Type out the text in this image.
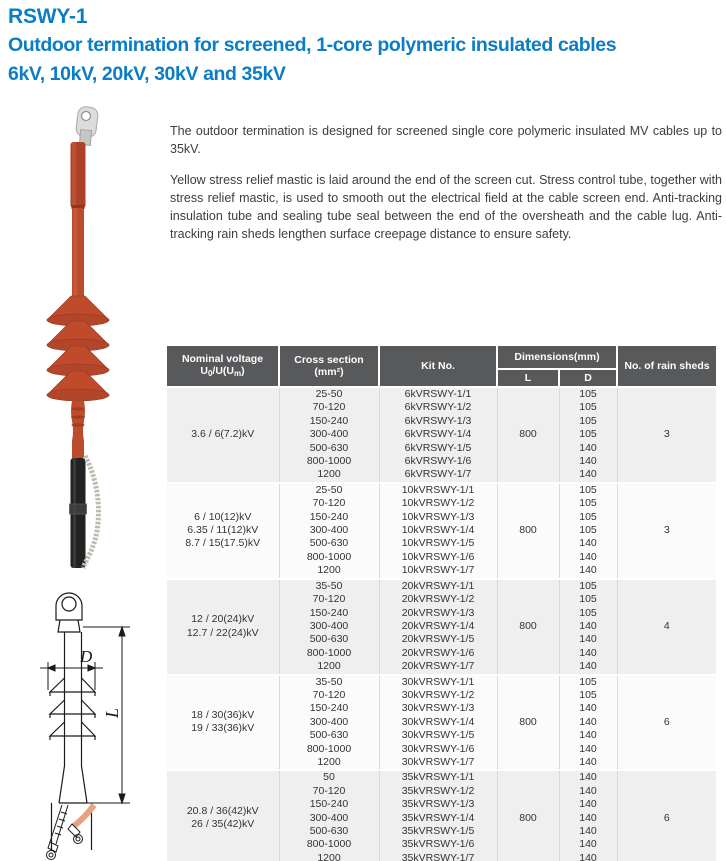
RSWY-1
Outdoor termination for screened, 1-core polymeric insulated cables
6kV, 10kV, 20kV, 30kV and 35kV

The outdoor termination is designed for screened single core polymeric insulated MV cables up to 35kV.

Yellow stress relief mastic is laid around the end of the screen cut. Stress control tube, together with stress relief mastic, is used to smooth out the electrical field at the cable screen end. Anti-tracking insulation tube and sealing tube seal between the end of the oversheath and the cable lug. Anti-tracking rain sheds lengthen surface creepage distance to ensure safety.

D
L
Nominal voltage
U0/U(Um)	Cross section (mm²)	Kit No.	Dimensions(mm)		No. of rain sheds
			L	D	

3.6 / 6(7.2)kV	25-50	6kVRSWY-1/1	800	105	3
	70-120	6kVRSWY-1/2		105	
	150-240	6kVRSWY-1/3		105	
	300-400	6kVRSWY-1/4		105	
	500-630	6kVRSWY-1/5		140	
	800-1000	6kVRSWY-1/6		140	
	1200	6kVRSWY-1/7		140	

6 / 10(12)kV
6.35 / 11(12)kV
8.7 / 15(17.5)kV	25-50	10kVRSWY-1/1	800	105	3
	70-120	10kVRSWY-1/2		105	
	150-240	10kVRSWY-1/3		105	
	300-400	10kVRSWY-1/4		105	
	500-630	10kVRSWY-1/5		140	
	800-1000	10kVRSWY-1/6		140	
	1200	10kVRSWY-1/7		140	

12 / 20(24)kV
12.7 / 22(24)kV	35-50	20kVRSWY-1/1	800	105	4
	70-120	20kVRSWY-1/2		105	
	150-240	20kVRSWY-1/3		105	
	300-400	20kVRSWY-1/4		140	
	500-630	20kVRSWY-1/5		140	
	800-1000	20kVRSWY-1/6		140	
	1200	20kVRSWY-1/7		140	

18 / 30(36)kV
19 / 33(36)kV	35-50	30kVRSWY-1/1	800	105	6
	70-120	30kVRSWY-1/2		105	
	150-240	30kVRSWY-1/3		140	
	300-400	30kVRSWY-1/4		140	
	500-630	30kVRSWY-1/5		140	
	800-1000	30kVRSWY-1/6		140	
	1200	30kVRSWY-1/7		140	

20.8 / 36(42)kV
26 / 35(42)kV	50	35kVRSWY-1/1	800	140	6
	70-120	35kVRSWY-1/2		140	
	150-240	35kVRSWY-1/3		140	
	300-400	35kVRSWY-1/4		140	
	500-630	35kVRSWY-1/5		140	
	800-1000	35kVRSWY-1/6		140	
	1200	35kVRSWY-1/7		140	
